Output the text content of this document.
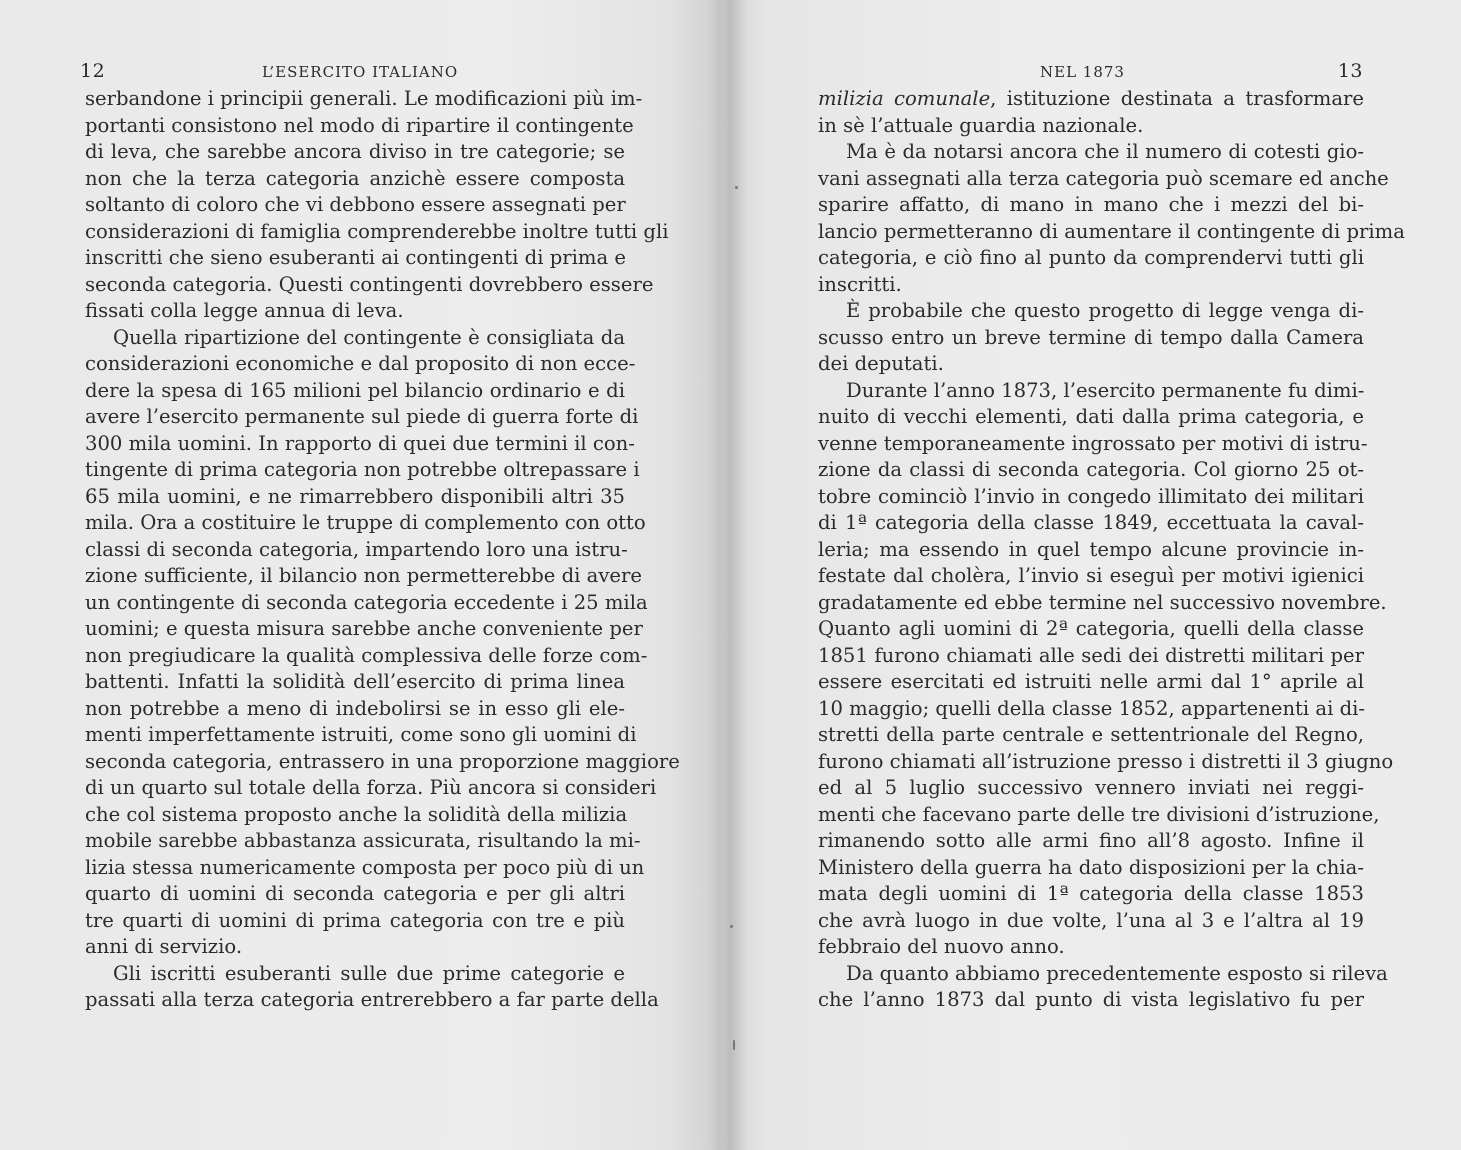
12	L’ESERCITO ITALIANO
serbandone i principii generali. Le modificazioni più im-
portanti consistono nel modo di ripartire il contingente
di leva, che sarebbe ancora diviso in tre categorie; se
non che la terza categoria anzichè essere composta
soltanto di coloro che vi debbono essere assegnati per
considerazioni di famiglia comprenderebbe inoltre tutti gli
inscritti che sieno esuberanti ai contingenti di prima e
seconda categoria. Questi contingenti dovrebbero essere
fissati colla legge annua di leva.
Quella ripartizione del contingente è consigliata da
considerazioni economiche e dal proposito di non ecce-
dere la spesa di 165 milioni pel bilancio ordinario e di
avere l’esercito permanente sul piede di guerra forte di
300 mila uomini. In rapporto di quei due termini il con-
tingente di prima categoria non potrebbe oltrepassare i
65 mila uomini, e ne rimarrebbero disponibili altri 35
mila. Ora a costituire le truppe di complemento con otto
classi di seconda categoria, impartendo loro una istru-
zione sufficiente, il bilancio non permetterebbe di avere
un contingente di seconda categoria eccedente i 25 mila
uomini; e questa misura sarebbe anche conveniente per
non pregiudicare la qualità complessiva delle forze com-
battenti. Infatti la solidità dell’esercito di prima linea
non potrebbe a meno di indebolirsi se in esso gli ele-
menti imperfettamente istruiti, come sono gli uomini di
seconda categoria, entrassero in una proporzione maggiore
di un quarto sul totale della forza. Più ancora si consideri
che col sistema proposto anche la solidità della milizia
mobile sarebbe abbastanza assicurata, risultando la mi-
lizia stessa numericamente composta per poco più di un
quarto di uomini di seconda categoria e per gli altri
tre quarti di uomini di prima categoria con tre e più
anni di servizio.
Gli iscritti esuberanti sulle due prime categorie e
passati alla terza categoria entrerebbero a far parte della
NEL 1873	13
milizia comunale, istituzione destinata a trasformare
in sè l’attuale guardia nazionale.
Ma è da notarsi ancora che il numero di cotesti gio-
vani assegnati alla terza categoria può scemare ed anche
sparire affatto, di mano in mano che i mezzi del bi-
lancio permetteranno di aumentare il contingente di prima
categoria, e ciò fino al punto da comprendervi tutti gli
inscritti.
È probabile che questo progetto di legge venga di-
scusso entro un breve termine di tempo dalla Camera
dei deputati.
Durante l’anno 1873, l’esercito permanente fu dimi-
nuito di vecchi elementi, dati dalla prima categoria, e
venne temporaneamente ingrossato per motivi di istru-
zione da classi di seconda categoria. Col giorno 25 ot-
tobre cominciò l’invio in congedo illimitato dei militari
di 1ª categoria della classe 1849, eccettuata la caval-
leria; ma essendo in quel tempo alcune provincie in-
festate dal cholèra, l’invio si eseguì per motivi igienici
gradatamente ed ebbe termine nel successivo novembre.
Quanto agli uomini di 2ª categoria, quelli della classe
1851 furono chiamati alle sedi dei distretti militari per
essere esercitati ed istruiti nelle armi dal 1° aprile al
10 maggio; quelli della classe 1852, appartenenti ai di-
stretti della parte centrale e settentrionale del Regno,
furono chiamati all’istruzione presso i distretti il 3 giugno
ed al 5 luglio successivo vennero inviati nei reggi-
menti che facevano parte delle tre divisioni d’istruzione,
rimanendo sotto alle armi fino all’8 agosto. Infine il
Ministero della guerra ha dato disposizioni per la chia-
mata degli uomini di 1ª categoria della classe 1853
che avrà luogo in due volte, l’una al 3 e l’altra al 19
febbraio del nuovo anno.
Da quanto abbiamo precedentemente esposto si rileva
che l’anno 1873 dal punto di vista legislativo fu per
